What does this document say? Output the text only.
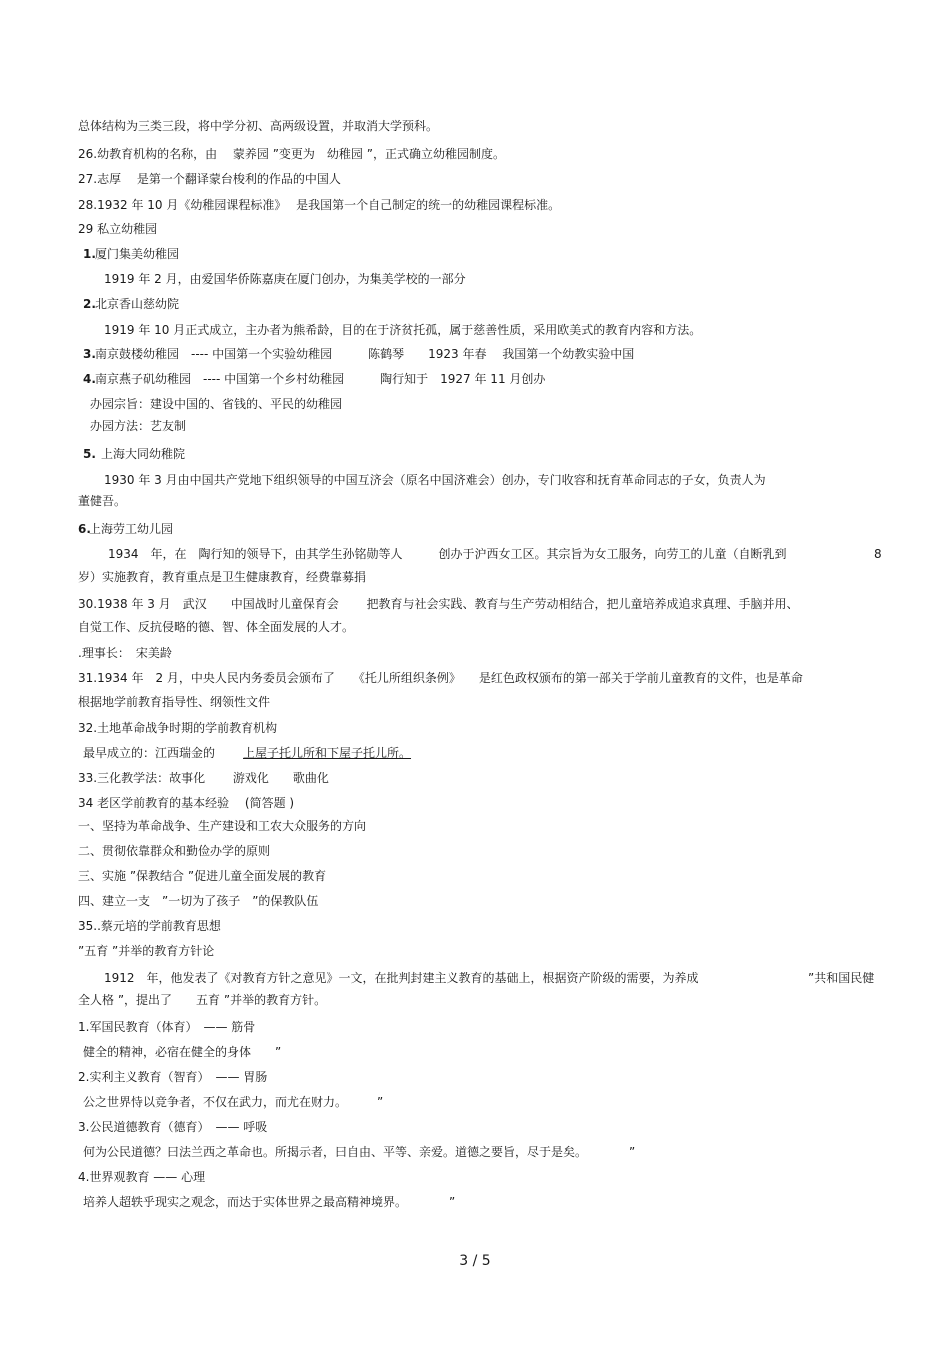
总体结构为三类三段，将中学分初、高两级设置，并取消大学预科。
26.幼教育机构的名称，由　 蒙养园 ”变更为　幼稚园 ”，正式确立幼稚园制度。
27.志厚　 是第一个翻译蒙台梭利的作品的中国人
28.1932 年 10 月《幼稚园课程标准》　 是我国第一个自己制定的统一的幼稚园课程标准。
29 私立幼稚园
1. 厦门集美幼稚园
1919 年 2 月，由爱国华侨陈嘉庚在厦门创办，为集美学校的一部分
2. 北京香山慈幼院
1919 年 10 月正式成立，主办者为熊希龄，目的在于济贫托孤，属于慈善性质，采用欧美式的教育内容和方法。
3. 南京鼓楼幼稚园　---- 中国第一个实验幼稚园　　　陈鹤琴　　1923 年春　 我国第一个幼教实验中国
4. 南京燕子矶幼稚园　---- 中国第一个乡村幼稚园　　　陶行知于　1927 年 11 月创办
办园宗旨：建设中国的、省钱的、平民的幼稚园
办园方法：艺友制
5. 上海大同幼稚院
1930 年 3 月由中国共产党地下组织领导的中国互济会（原名中国济难会）创办，专门收容和抚育革命同志的子女，负责人为
董健吾。
6.
上海劳工幼儿园
1934　年，在　陶行知的领导下，由其学生孙铭勋等人　　　创办于沪西女工区。其宗旨为女工服务，向劳工的儿童（自断乳到	8
岁）实施教育，教育重点是卫生健康教育，经费靠募捐
30.1938 年 3 月　武汉　　中国战时儿童保育会　　 把教育与社会实践、教育与生产劳动相结合，把儿童培养成追求真理、手脑并用、
自觉工作、反抗侵略的德、智、体全面发展的人才。
.理事长：　宋美龄
31.1934 年　2 月，中央人民内务委员会颁布了　　《托儿所组织条例》　　是红色政权颁布的第一部关于学前儿童教育的文件，也是革命
根据地学前教育指导性、纲领性文件
32.土地革命战争时期的学前教育机构
最早成立的：江西瑞金的 上屋子托儿所和下屋子托儿所。
33.三化教学法：故事化　　 游戏化　　歌曲化
34 老区学前教育的基本经验　 (简答题 )
一、坚持为革命战争、生产建设和工农大众服务的方向
二、贯彻依靠群众和勤俭办学的原则
三、实施 ”保教结合 ”促进儿童全面发展的教育
四、建立一支　”一切为了孩子　”的保教队伍
35..蔡元培的学前教育思想
”五育 ”并举的教育方针论
1912　年，他发表了《对教育方针之意见》一文，在批判封建主义教育的基础上，根据资产阶级的需要，为养成	”共和国民健
全人格 ”，提出了　　五育 ”并举的教育方针。
1.军国民教育（体育）　—— 筋骨
健全的精神，必宿在健全的身体　　”
2.实利主义教育（智育）　—— 胃肠
公之世界恃以竞争者，不仅在武力，而尤在财力。　　　”
3.公民道德教育（德育）　—— 呼吸
何为公民道德？曰法兰西之革命也。所揭示者，曰自由、平等、亲爱。道德之要旨，尽于是矣。　　　　”
4.世界观教育 —— 心理
培养人超轶乎现实之观念，而达于实体世界之最高精神境界。　　　　”
3 / 5
